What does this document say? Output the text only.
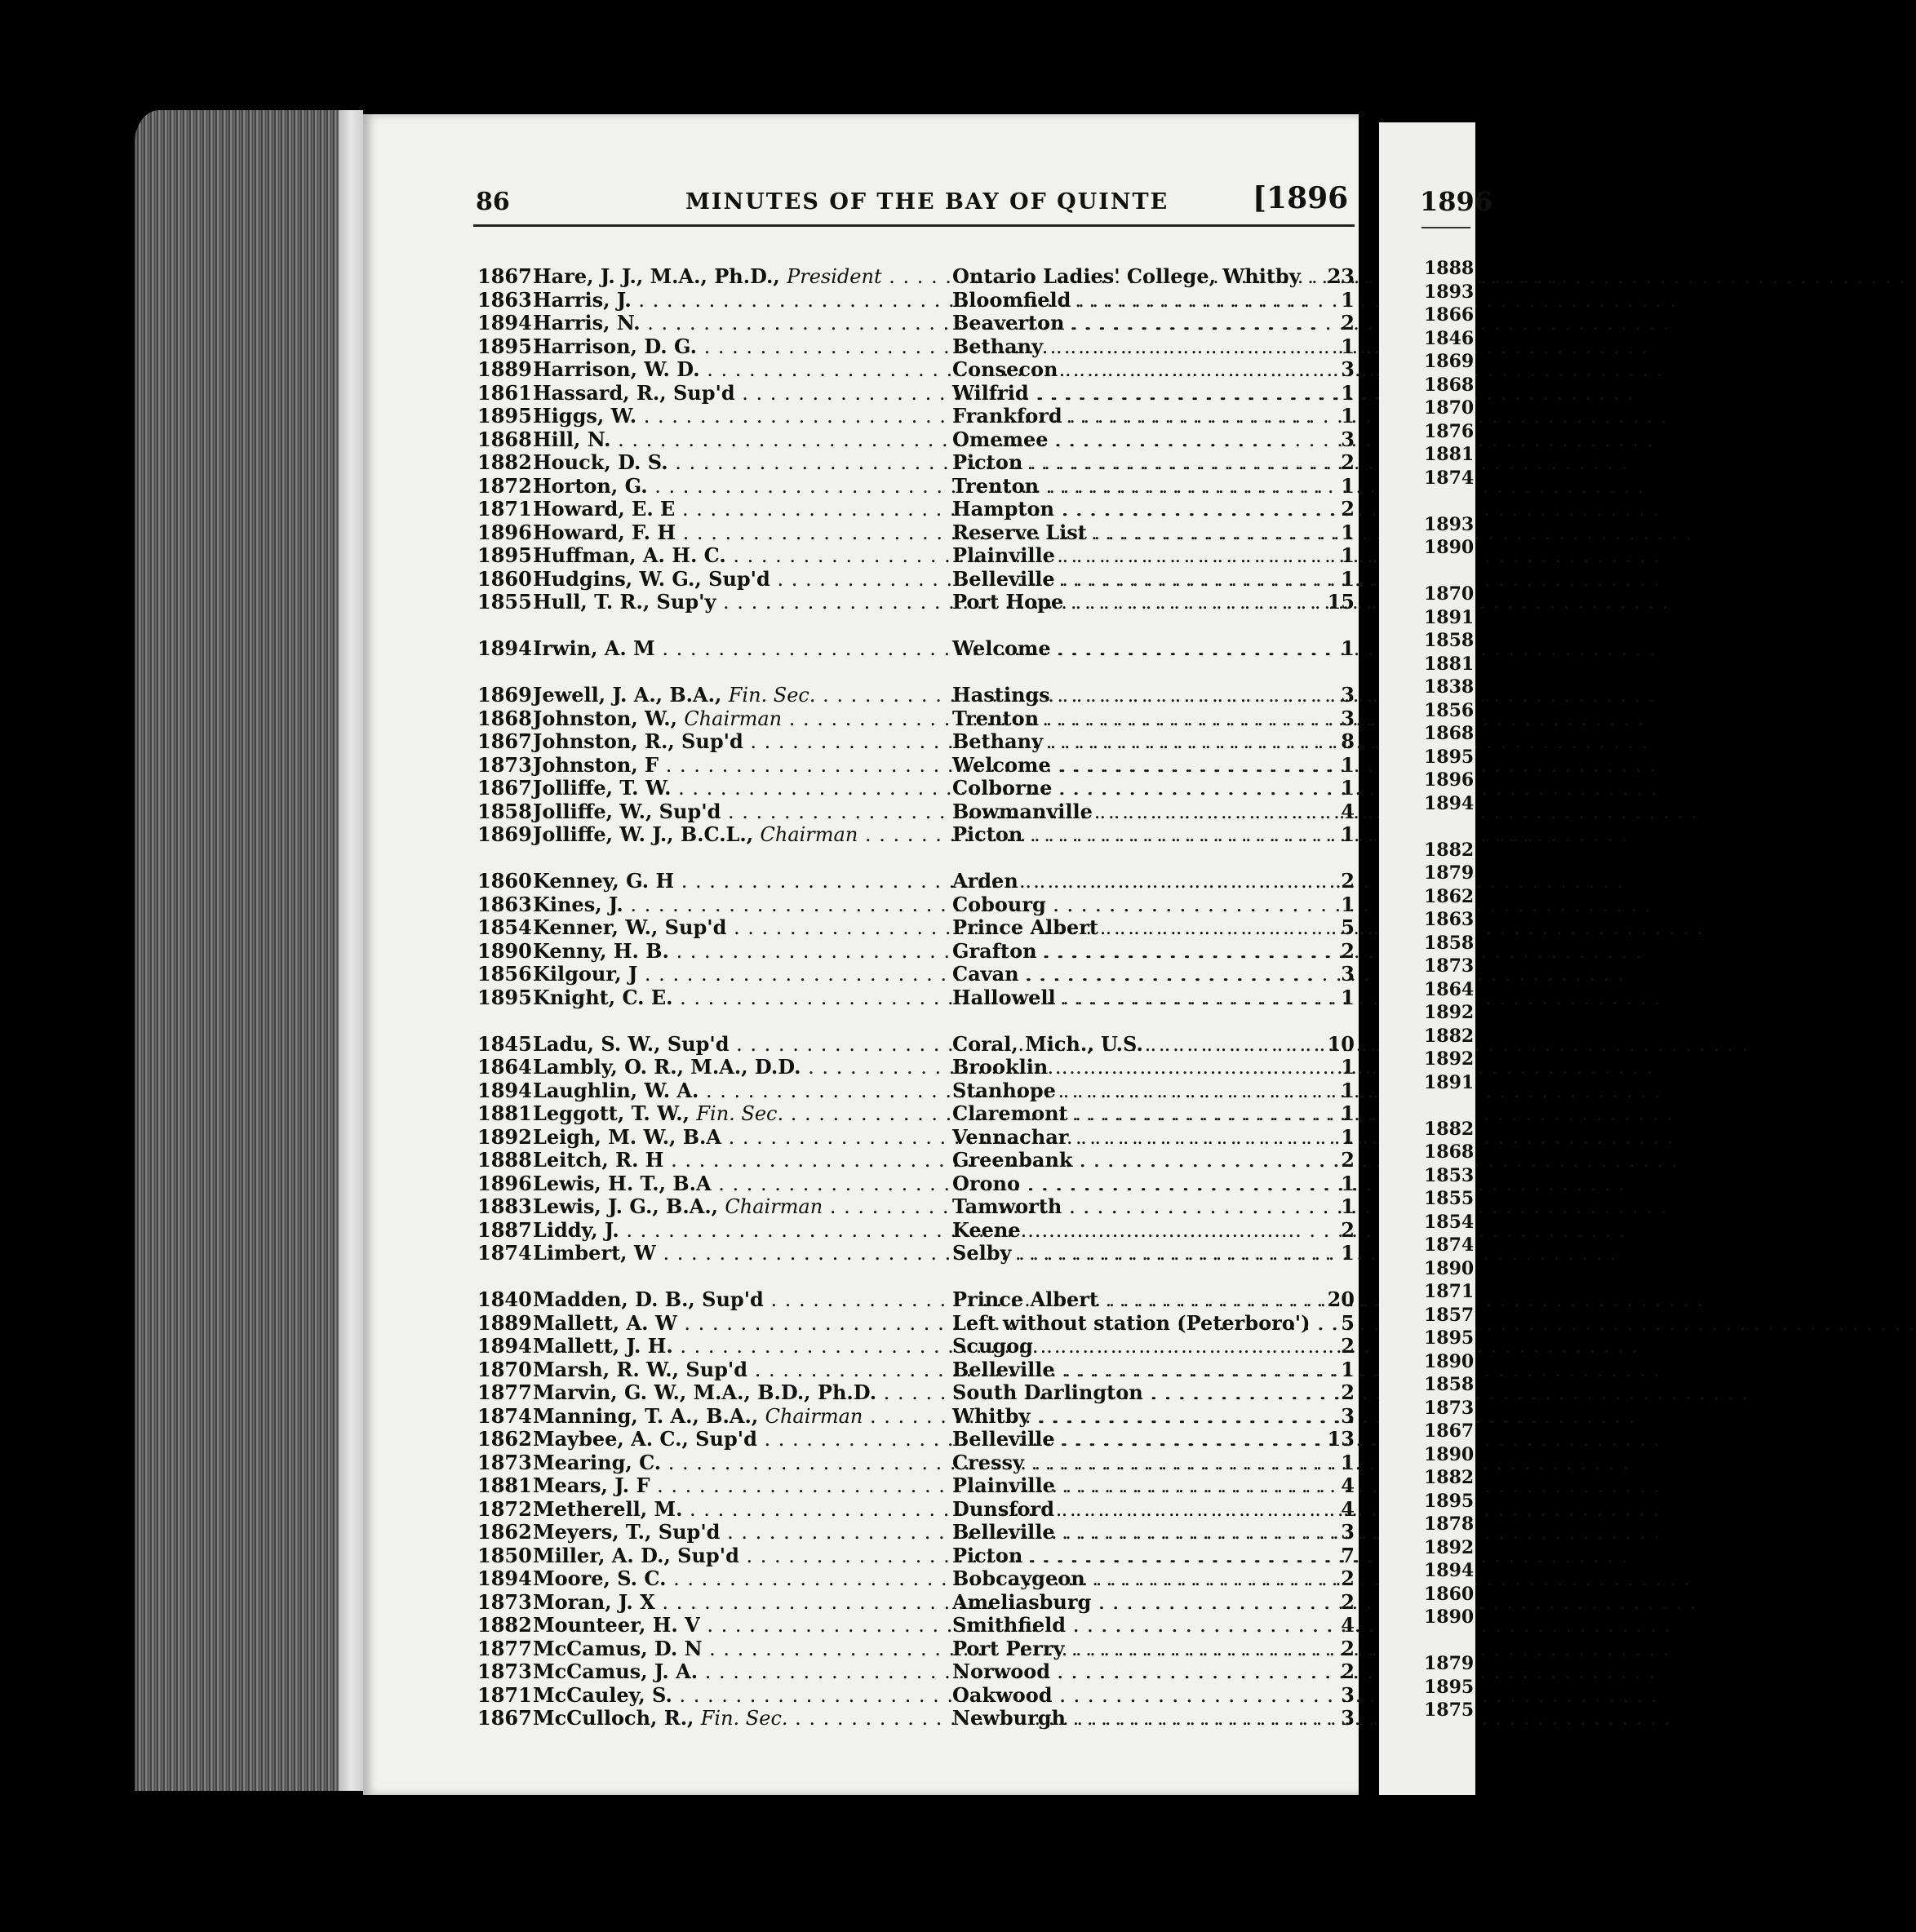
86	MINUTES OF THE BAY OF QUINTE	[1896
1867 Hare, J. J., M.A., Ph.D., President . . .	Ontario Ladies' College, Whitby . . .	23
1863 Harris, J. . . .	Bloomfield . . .	1
1894 Harris, N. . . .	Beaverton . . .	2
1895 Harrison, D. G. . . .	Bethany . . .	1
1889 Harrison, W. D. . . .	Consecon . . .	3
1861 Hassard, R., Sup'd . . .	Wilfrid . . .	1
1895 Higgs, W. . . .	Frankford . . .	1
1868 Hill, N. . . .	Omemee . . .	3
1882 Houck, D. S. . . .	Picton . . .	2
1872 Horton, G. . . .	Trenton . . .	1
1871 Howard, E. E . . .	Hampton . . .	2
1896 Howard, F. H . . .	Reserve List . . .	1
1895 Huffman, A. H. C. . . .	Plainville . . .	1
1860 Hudgins, W. G., Sup'd . . .	Belleville . . .	1
1855 Hull, T. R., Sup'y . . .	Port Hope . . .	15
1894 Irwin, A. M . . .	Welcome . . .	1
1869 Jewell, J. A., B.A., Fin. Sec. . . .	Hastings . . .	3
1868 Johnston, W., Chairman . . .	Trenton . . .	3
1867 Johnston, R., Sup'd . . .	Bethany . . .	8
1873 Johnston, F . . .	Welcome . . .	1
1867 Jolliffe, T. W. . . .	Colborne . . .	1
1858 Jolliffe, W., Sup'd . . .	Bowmanville . . .	4
1869 Jolliffe, W. J., B.C.L., Chairman . . .	Picton . . .	1
1860 Kenney, G. H . . .	Arden . . .	2
1863 Kines, J. . . .	Cobourg . . .	1
1854 Kenner, W., Sup'd . . .	Prince Albert . . .	5
1890 Kenny, H. B. . . .	Grafton . . .	2
1856 Kilgour, J . . .	Cavan . . .	3
1895 Knight, C. E. . . .	Hallowell . . .	1
1845 Ladu, S. W., Sup'd . . .	Coral, Mich., U.S. . . .	10
1864 Lambly, O. R., M.A., D.D. . . .	Brooklin . . .	1
1894 Laughlin, W. A. . . .	Stanhope . . .	1
1881 Leggott, T. W., Fin. Sec. . . .	Claremont . . .	1
1892 Leigh, M. W., B.A . . .	Vennachar . . .	1
1888 Leitch, R. H . . .	Greenbank . . .	2
1896 Lewis, H. T., B.A . . .	Orono . . .	1
1883 Lewis, J. G., B.A., Chairman . . .	Tamworth . . .	1
1887 Liddy, J. . . .	Keene . . .	2
1874 Limbert, W . . .	Selby . . .	1
1840 Madden, D. B., Sup'd . . .	Prince Albert . . .	20
1889 Mallett, A. W . . .	Left without station (Peterboro') . . .	5
1894 Mallett, J. H. . . .	Scugog . . .	2
1870 Marsh, R. W., Sup'd . . .	Belleville . . .	1
1877 Marvin, G. W., M.A., B.D., Ph.D. . . .	South Darlington . . .	2
1874 Manning, T. A., B.A., Chairman . . .	Whitby . . .	3
1862 Maybee, A. C., Sup'd . . .	Belleville . . .	13
1873 Mearing, C. . . .	Cressy . . .	1
1881 Mears, J. F . . .	Plainville . . .	4
1872 Metherell, M. . . .	Dunsford . . .	4
1862 Meyers, T., Sup'd . . .	Belleville . . .	3
1850 Miller, A. D., Sup'd . . .	Picton . . .	7
1894 Moore, S. C. . . .	Bobcaygeon . . .	2
1873 Moran, J. X . . .	Ameliasburg . . .	2
1882 Mounteer, H. V . . .	Smithfield . . .	4
1877 McCamus, D. N . . .	Port Perry . . .	2
1873 McCamus, J. A. . . .	Norwood . . .	2
1871 McCauley, S. . . .	Oakwood . . .	3
1867 McCulloch, R., Fin. Sec. . . .	Newburgh . . .	3
1896
1888
1893
1866
1846
1869
1868
1870
1876
1881
1874
1893
1890
1870
1891
1858
1881
1838
1856
1868
1895
1896
1894
1882
1879
1862
1863
1858
1873
1864
1892
1882
1892
1891
1882
1868
1853
1855
1854
1874
1890
1871
1857
1895
1890
1858
1873
1867
1890
1882
1895
1878
1892
1894
1860
1890
1879
1895
1875
